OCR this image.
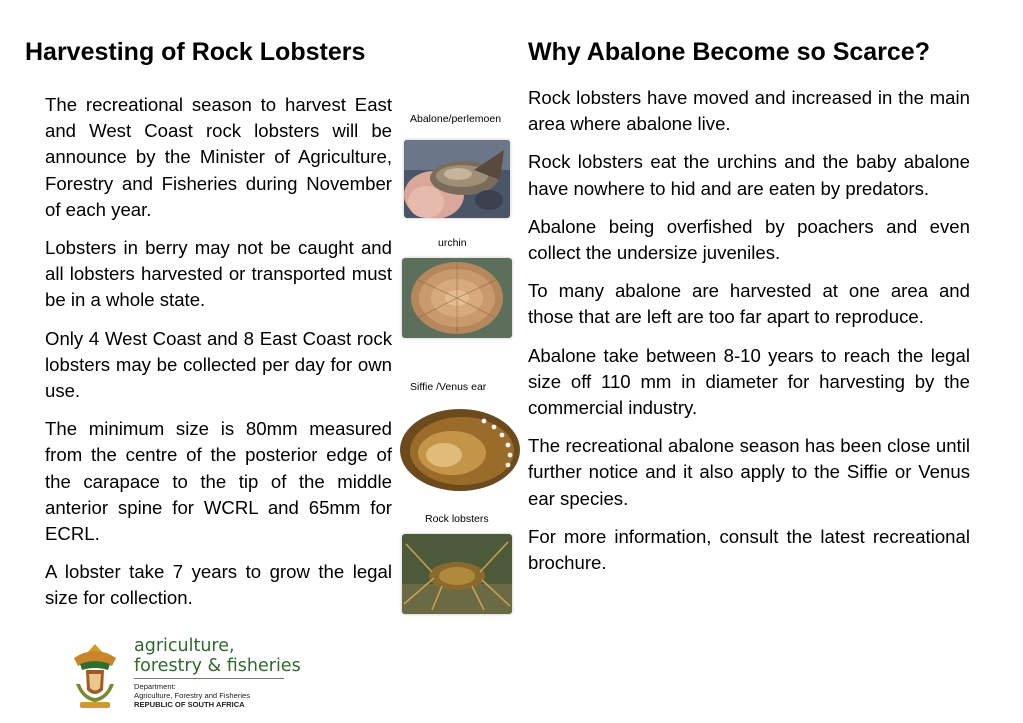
Harvesting of Rock Lobsters	Why Abalone Become so Scarce?

The recreational season to harvest East and West Coast rock lobsters will be announce by the Minister of Agriculture, Forestry and Fisheries during November of each year.

Lobsters in berry may not be caught and all lobsters harvested or transported must be in a whole state.

Only 4 West Coast and 8 East Coast rock lobsters may be collected per day for own use.

The minimum size is 80mm measured from the centre of the posterior edge of the carapace to the tip of the middle anterior spine for WCRL and 65mm for ECRL.

A lobster take 7 years to grow the legal size for collection.

Rock lobsters have moved and increased in the main area where abalone live.

Rock lobsters eat the urchins and the baby abalone have nowhere to hid and are eaten by predators.

Abalone being overfished by poachers and even collect the undersize juveniles.

To many abalone are harvested at one area and those that are left are too far apart to reproduce.

Abalone take between 8-10 years to reach the legal size off 110 mm in diameter for harvesting by the commercial industry.

The recreational abalone season has been close until further notice and it also apply to the Siffie or Venus ear species.

For more information, consult the latest recreational brochure.

Abalone/perlemoen
urchin
Siffie /Venus ear
Rock lobsters
agriculture,
forestry & fisheries
Department:
Agriculture, Forestry and Fisheries
REPUBLIC OF SOUTH AFRICA
